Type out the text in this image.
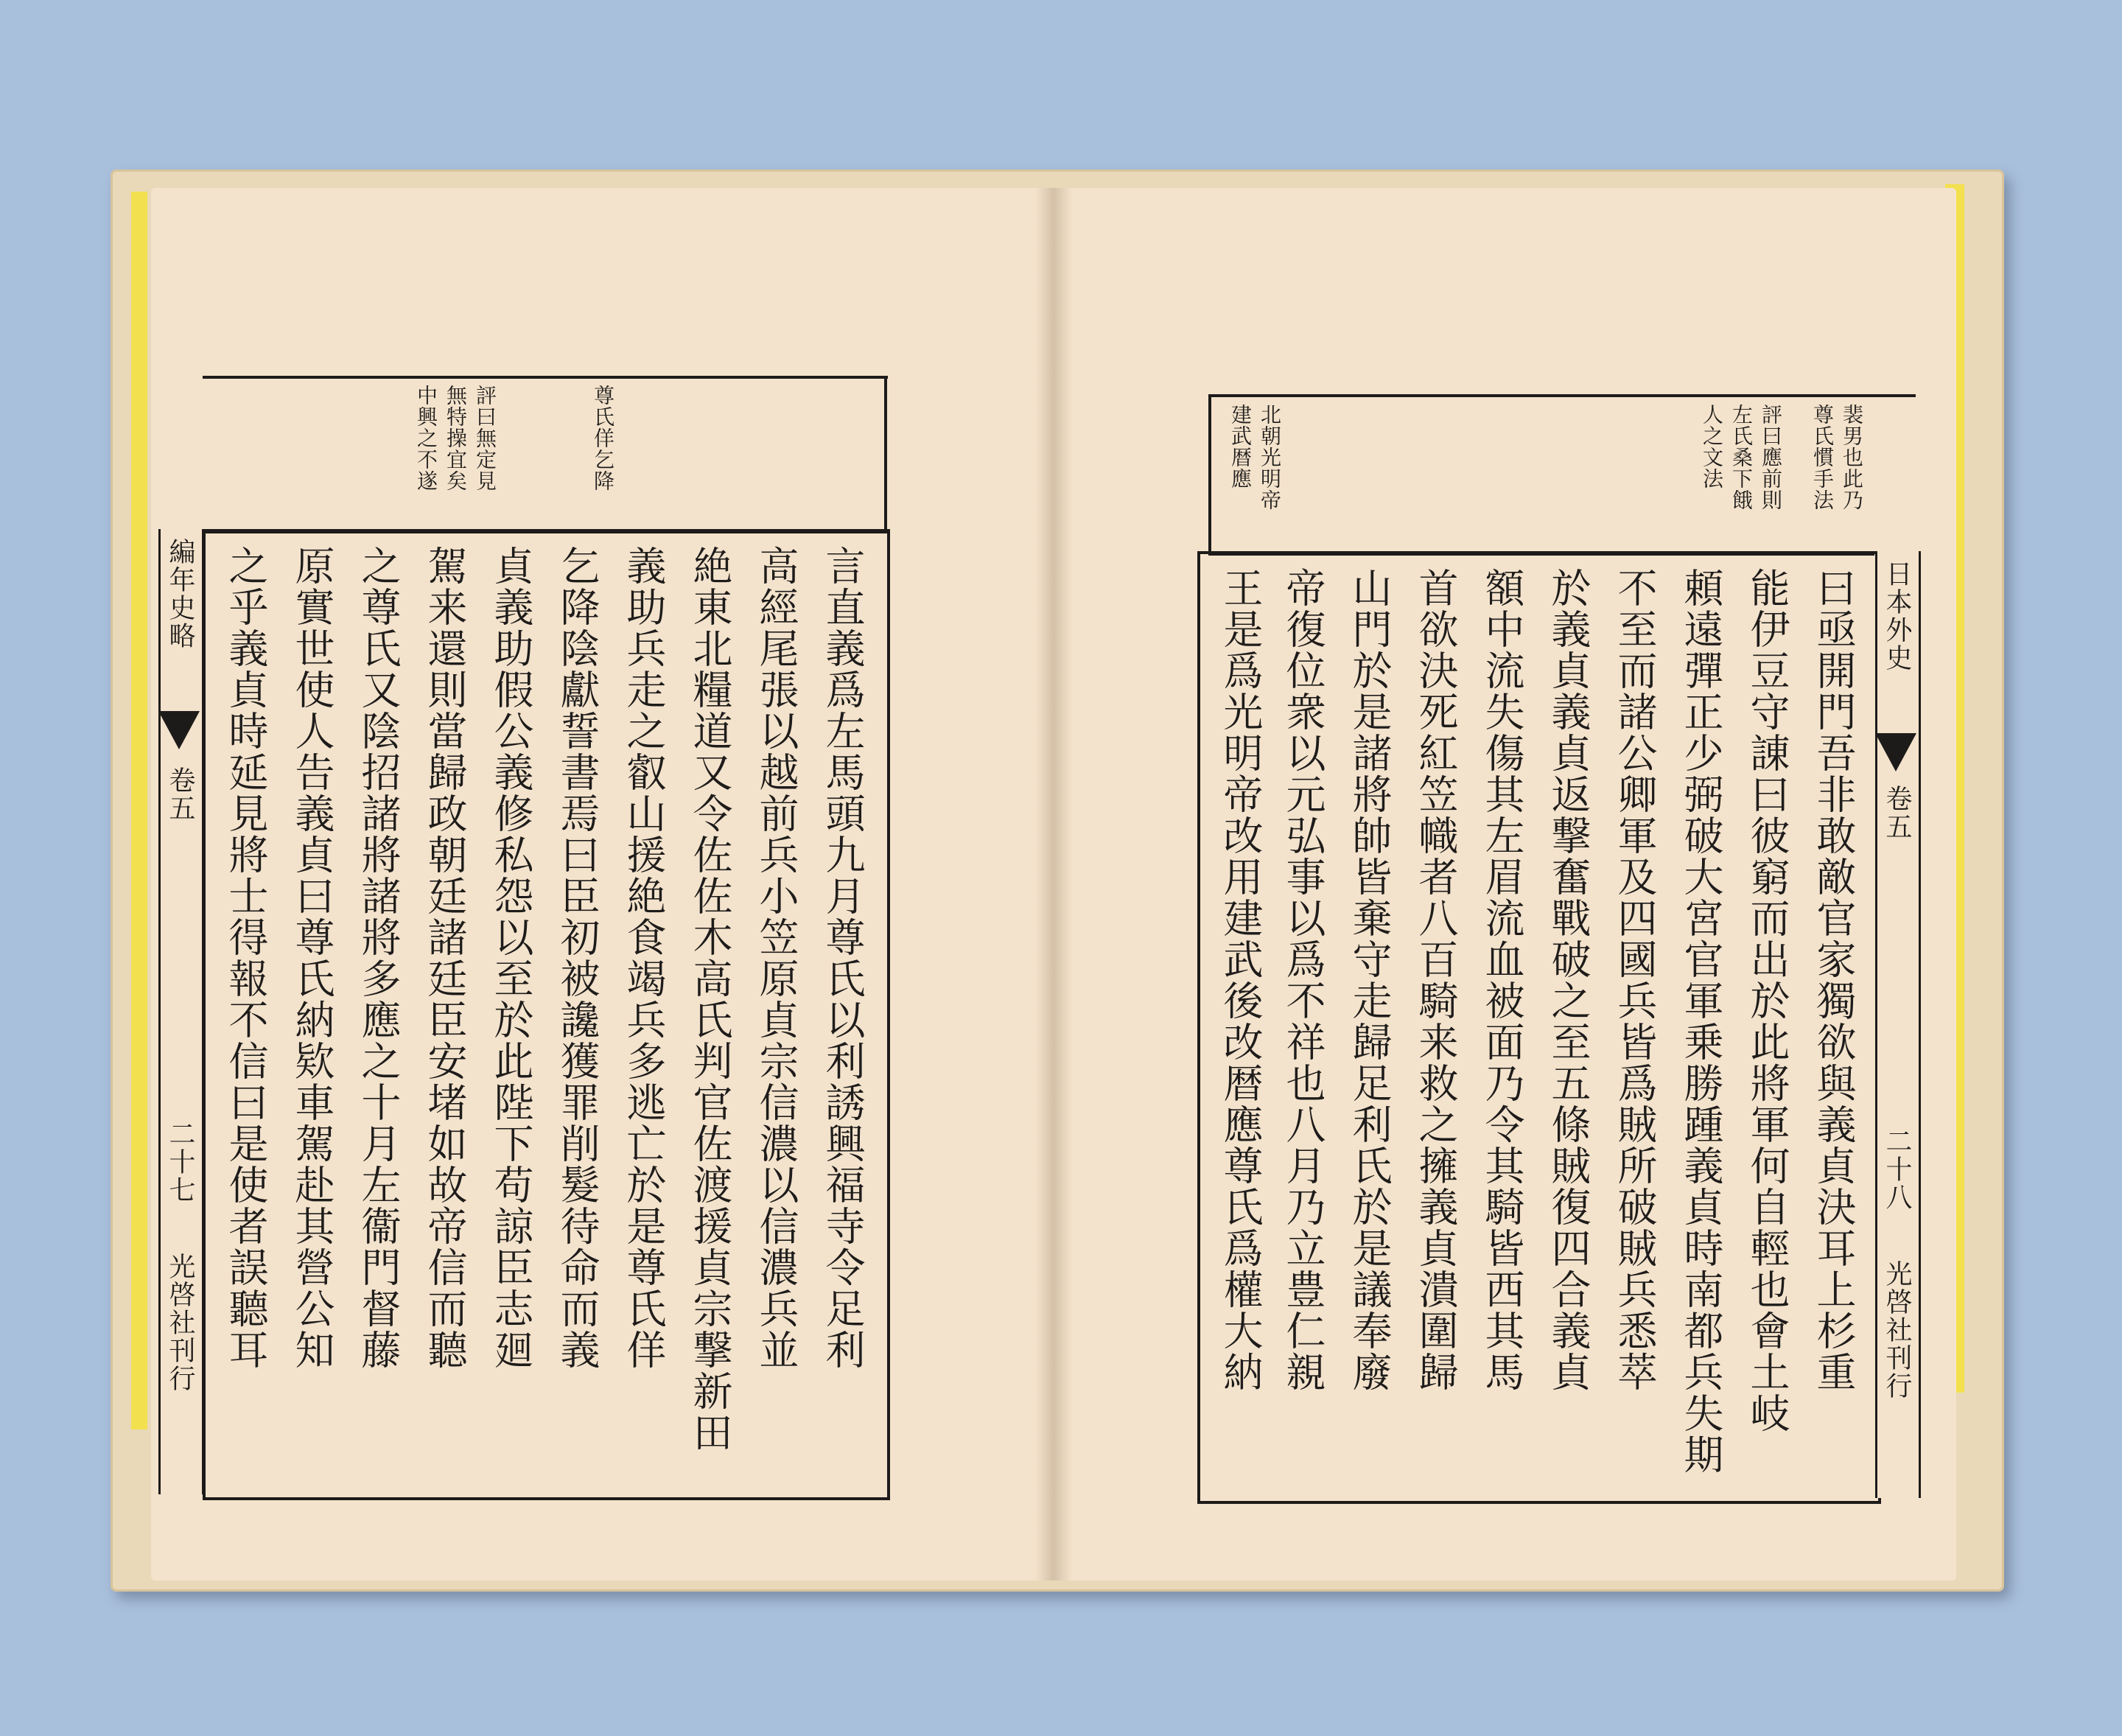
評曰無定見
無特操宜矣
中興之不遂	尊氏佯乞降
言直義爲左馬頭九月尊氏以利誘興福寺令足利
高經尾張以越前兵小笠原貞宗信濃以信濃兵並
絶東北糧道又令佐佐木高氏判官佐渡援貞宗撃新田
義助兵走之叡山援絶食竭兵多逃亡於是尊氏佯
乞降陰獻誓書焉曰臣初被讒獲罪削髮待命而義
貞義助假公義修私怨以至於此陛下苟諒臣志廻
駕来還則當歸政朝廷諸廷臣安堵如故帝信而聽
之尊氏又陰招諸將諸將多應之十月左衞門督藤
原實世使人告義貞曰尊氏納欵車駕赴其營公知
之乎義貞時延見將士得報不信曰是使者誤聽耳
編年史略
卷五
二十七
光啓社刊行
裴男也此乃
尊氏慣手法
評曰應前則
左氏桑下餓
人之文法
北朝光明帝
建武暦應
曰亟開門吾非敢敵官家獨欲與義貞決耳上杉重
能伊豆守諌曰彼窮而出於此將軍何自輕也會土岐
頼遠彈正少弼破大宮官軍乗勝踵義貞時南都兵失期
不至而諸公卿軍及四國兵皆爲賊所破賊兵悉萃
於義貞義貞返撃奮戰破之至五條賊復四合義貞
額中流失傷其左眉流血被面乃令其騎皆西其馬
首欲決死紅笠幟者八百騎来救之擁義貞潰圍歸
山門於是諸將帥皆棄守走歸足利氏於是議奉廢
帝復位衆以元弘事以爲不祥也八月乃立豊仁親
王是爲光明帝改用建武後改暦應尊氏爲權大納	日本外史
卷五
二十八
光啓社刊行
